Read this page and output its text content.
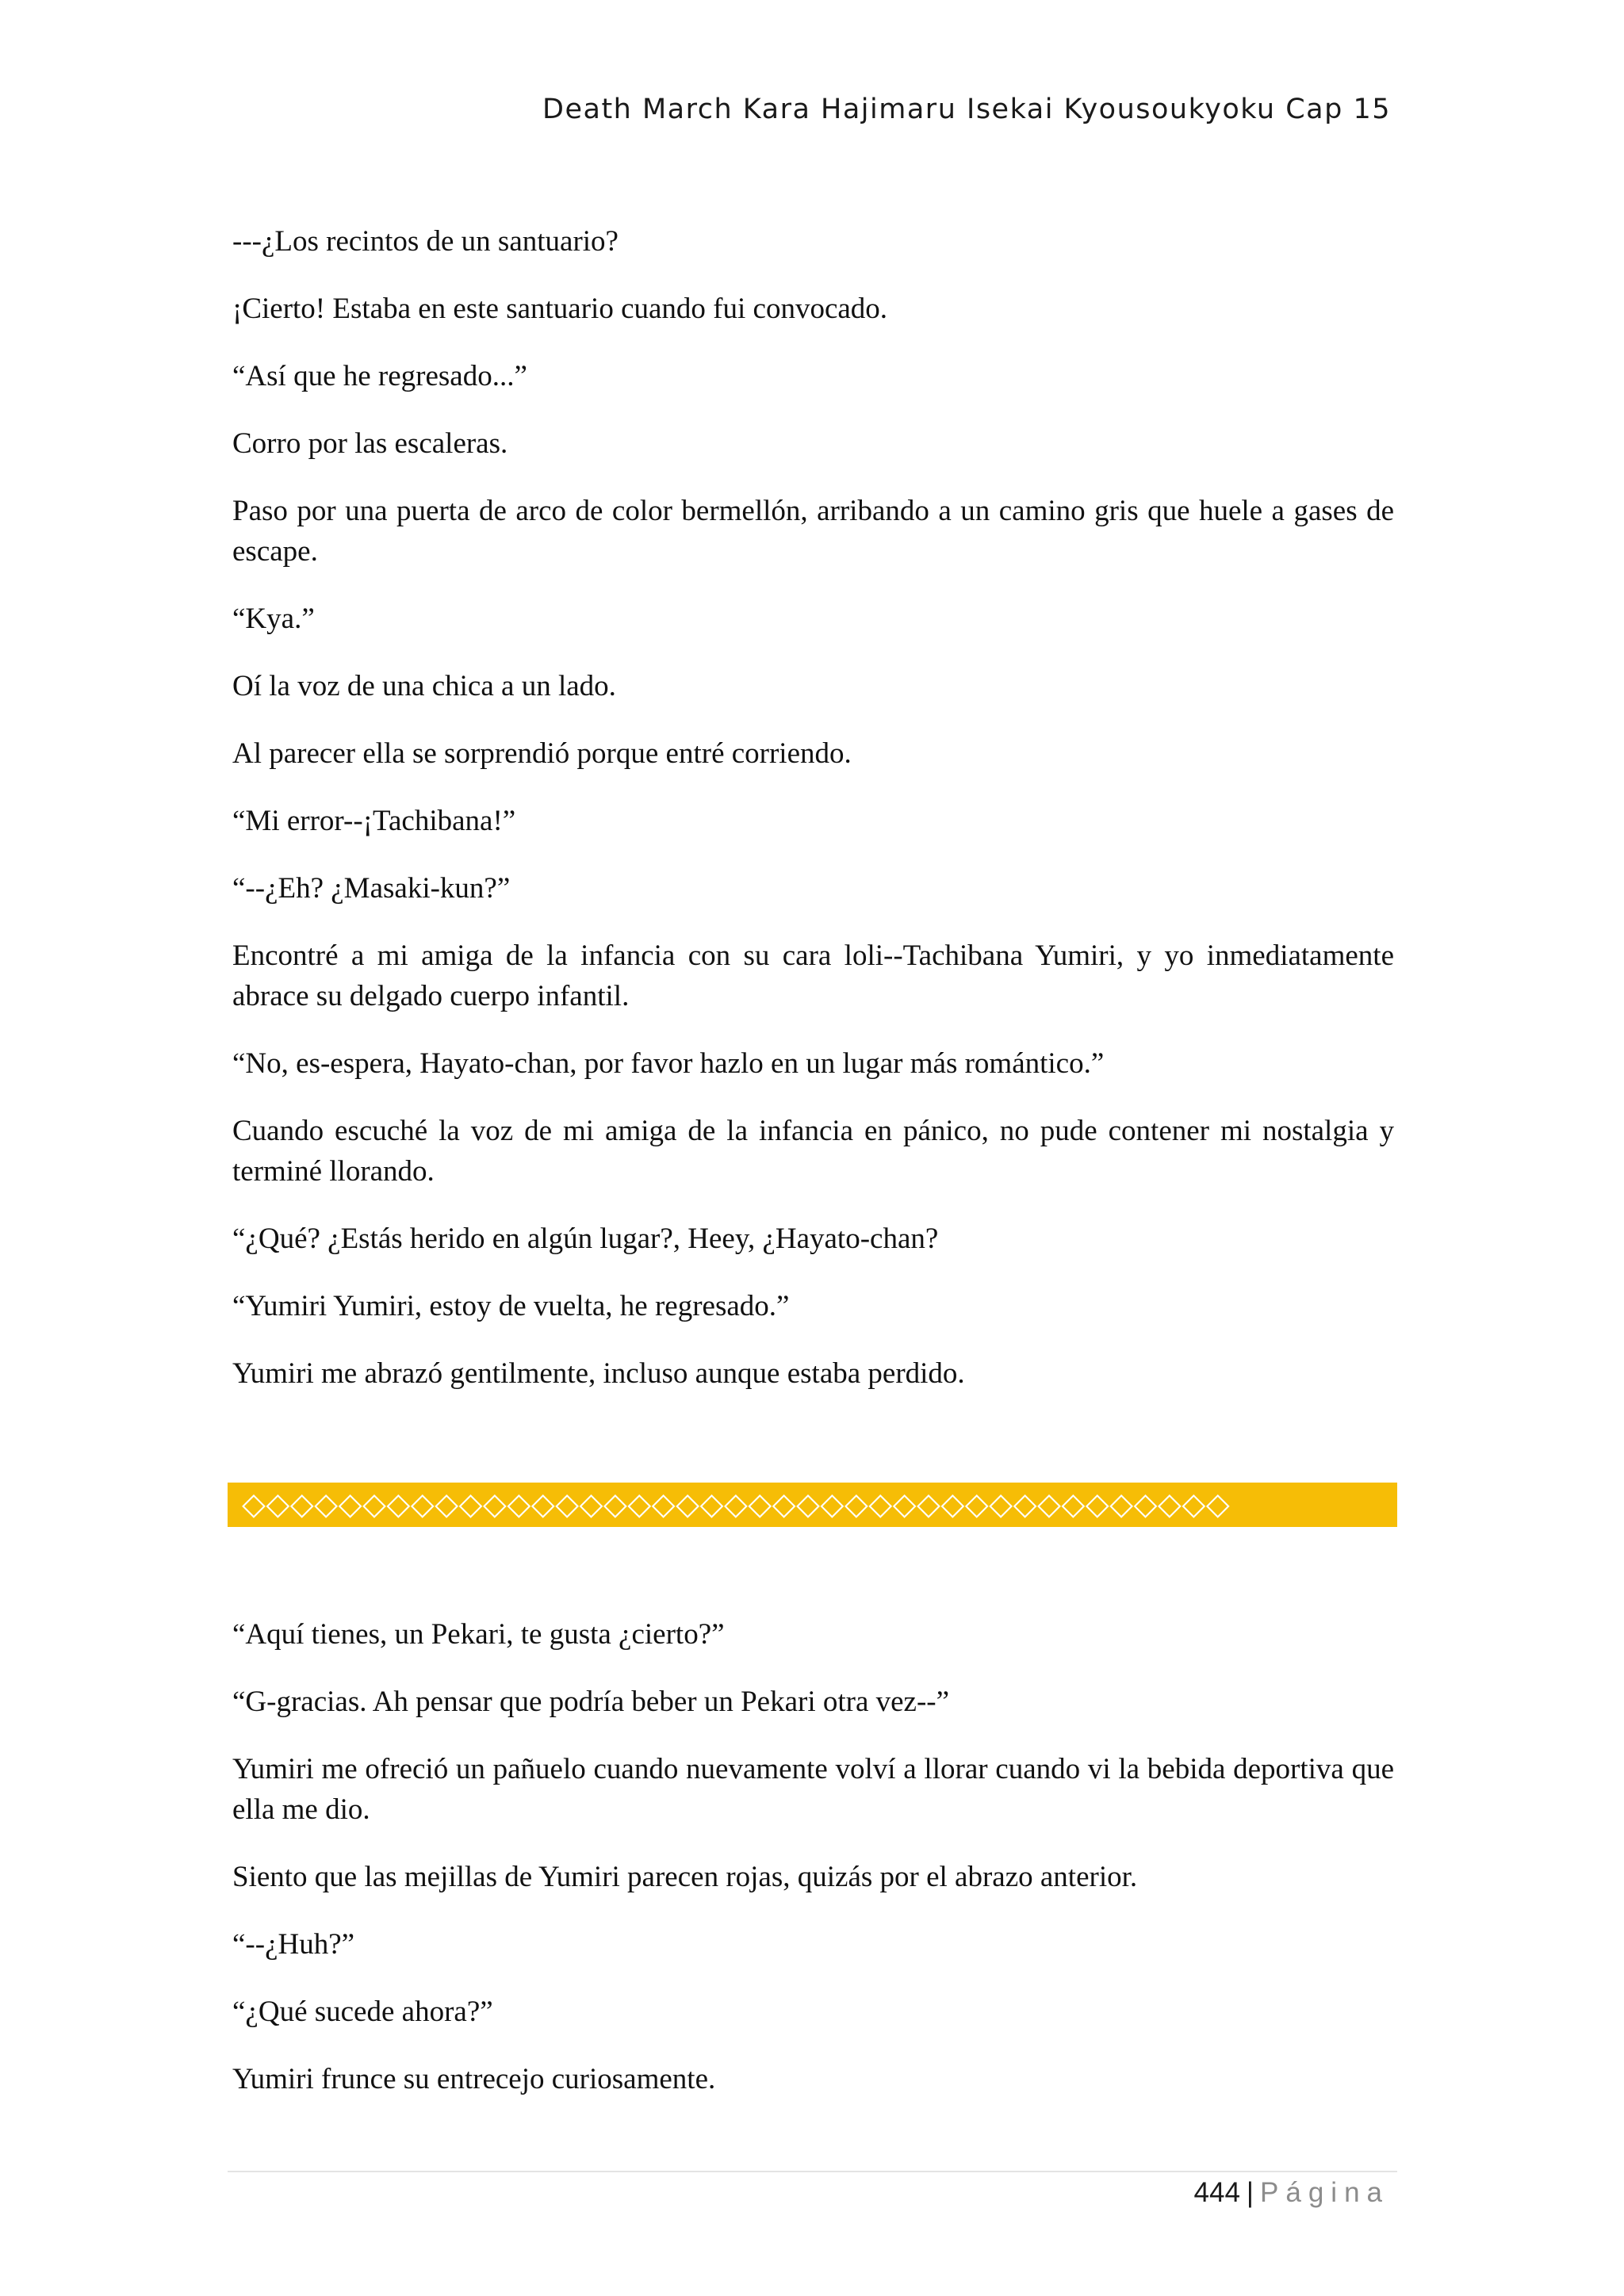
Death March Kara Hajimaru Isekai Kyousoukyoku Cap 15

---¿Los recintos de un santuario?

¡Cierto! Estaba en este santuario cuando fui convocado.

“Así que he regresado...”

Corro por las escaleras.

Paso por una puerta de arco de color bermellón, arribando a un camino gris que huele a gases de escape.

“Kya.”

Oí la voz de una chica a un lado.

Al parecer ella se sorprendió porque entré corriendo.

“Mi error--¡Tachibana!”

“--¿Eh? ¿Masaki-kun?”

Encontré a mi amiga de la infancia con su cara loli--Tachibana Yumiri, y yo inmediatamente abrace su delgado cuerpo infantil.

“No, es-espera, Hayato-chan, por favor hazlo en un lugar más romántico.”

Cuando escuché la voz de mi amiga de la infancia en pánico, no pude contener mi nostalgia y terminé llorando.

“¿Qué? ¿Estás herido en algún lugar?, Heey, ¿Hayato-chan?

“Yumiri Yumiri, estoy de vuelta, he regresado.”

Yumiri me abrazó gentilmente, incluso aunque estaba perdido.

◇◇◇◇◇◇◇◇◇◇◇◇◇◇◇◇◇◇◇◇◇◇◇◇◇◇◇◇◇◇◇◇◇◇◇◇◇◇◇◇◇

“Aquí tienes, un Pekari, te gusta ¿cierto?”

“G-gracias. Ah pensar que podría beber un Pekari otra vez--”

Yumiri me ofreció un pañuelo cuando nuevamente volví a llorar cuando vi la bebida deportiva que ella me dio.

Siento que las mejillas de Yumiri parecen rojas, quizás por el abrazo anterior.

“--¿Huh?”

“¿Qué sucede ahora?”

Yumiri frunce su entrecejo curiosamente.

444 | Página
